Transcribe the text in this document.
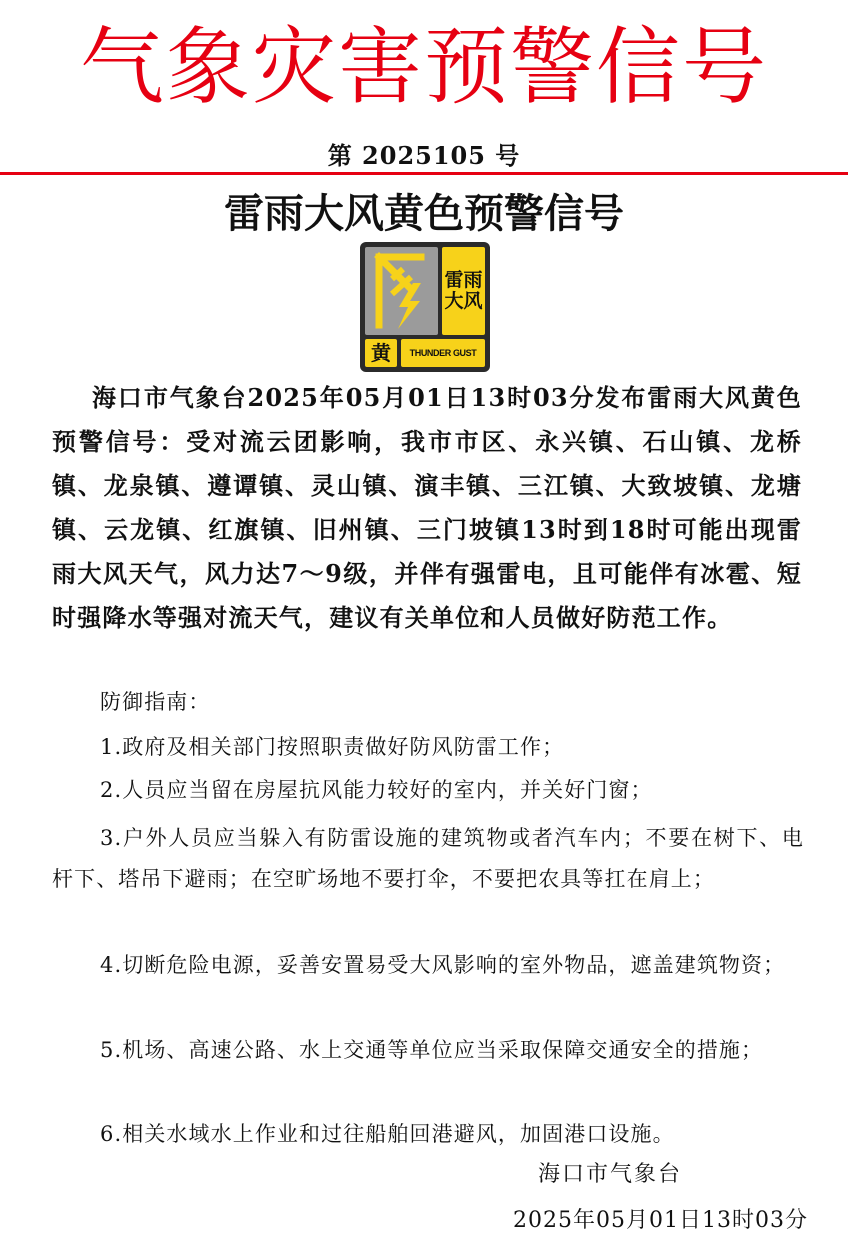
气象灾害预警信号
第 2025105 号
雷雨大风黄色预警信号
雷雨大风
黄	THUNDER GUST
海口市气象台2025年05月01日13时03分发布雷雨大风黄色预警信号：受对流云团影响，我市市区、永兴镇、石山镇、龙桥镇、龙泉镇、遵谭镇、灵山镇、演丰镇、三江镇、大致坡镇、龙塘镇、云龙镇、红旗镇、旧州镇、三门坡镇13时到18时可能出现雷雨大风天气，风力达7～9级，并伴有强雷电，且可能伴有冰雹、短时强降水等强对流天气，建议有关单位和人员做好防范工作。
防御指南：
1.政府及相关部门按照职责做好防风防雷工作；
2.人员应当留在房屋抗风能力较好的室内，并关好门窗；
3.户外人员应当躲入有防雷设施的建筑物或者汽车内；不要在树下、电杆下、塔吊下避雨；在空旷场地不要打伞，不要把农具等扛在肩上；
4.切断危险电源，妥善安置易受大风影响的室外物品，遮盖建筑物资；
5.机场、高速公路、水上交通等单位应当采取保障交通安全的措施；
6.相关水域水上作业和过往船舶回港避风，加固港口设施。
海口市气象台
2025年05月01日13时03分
